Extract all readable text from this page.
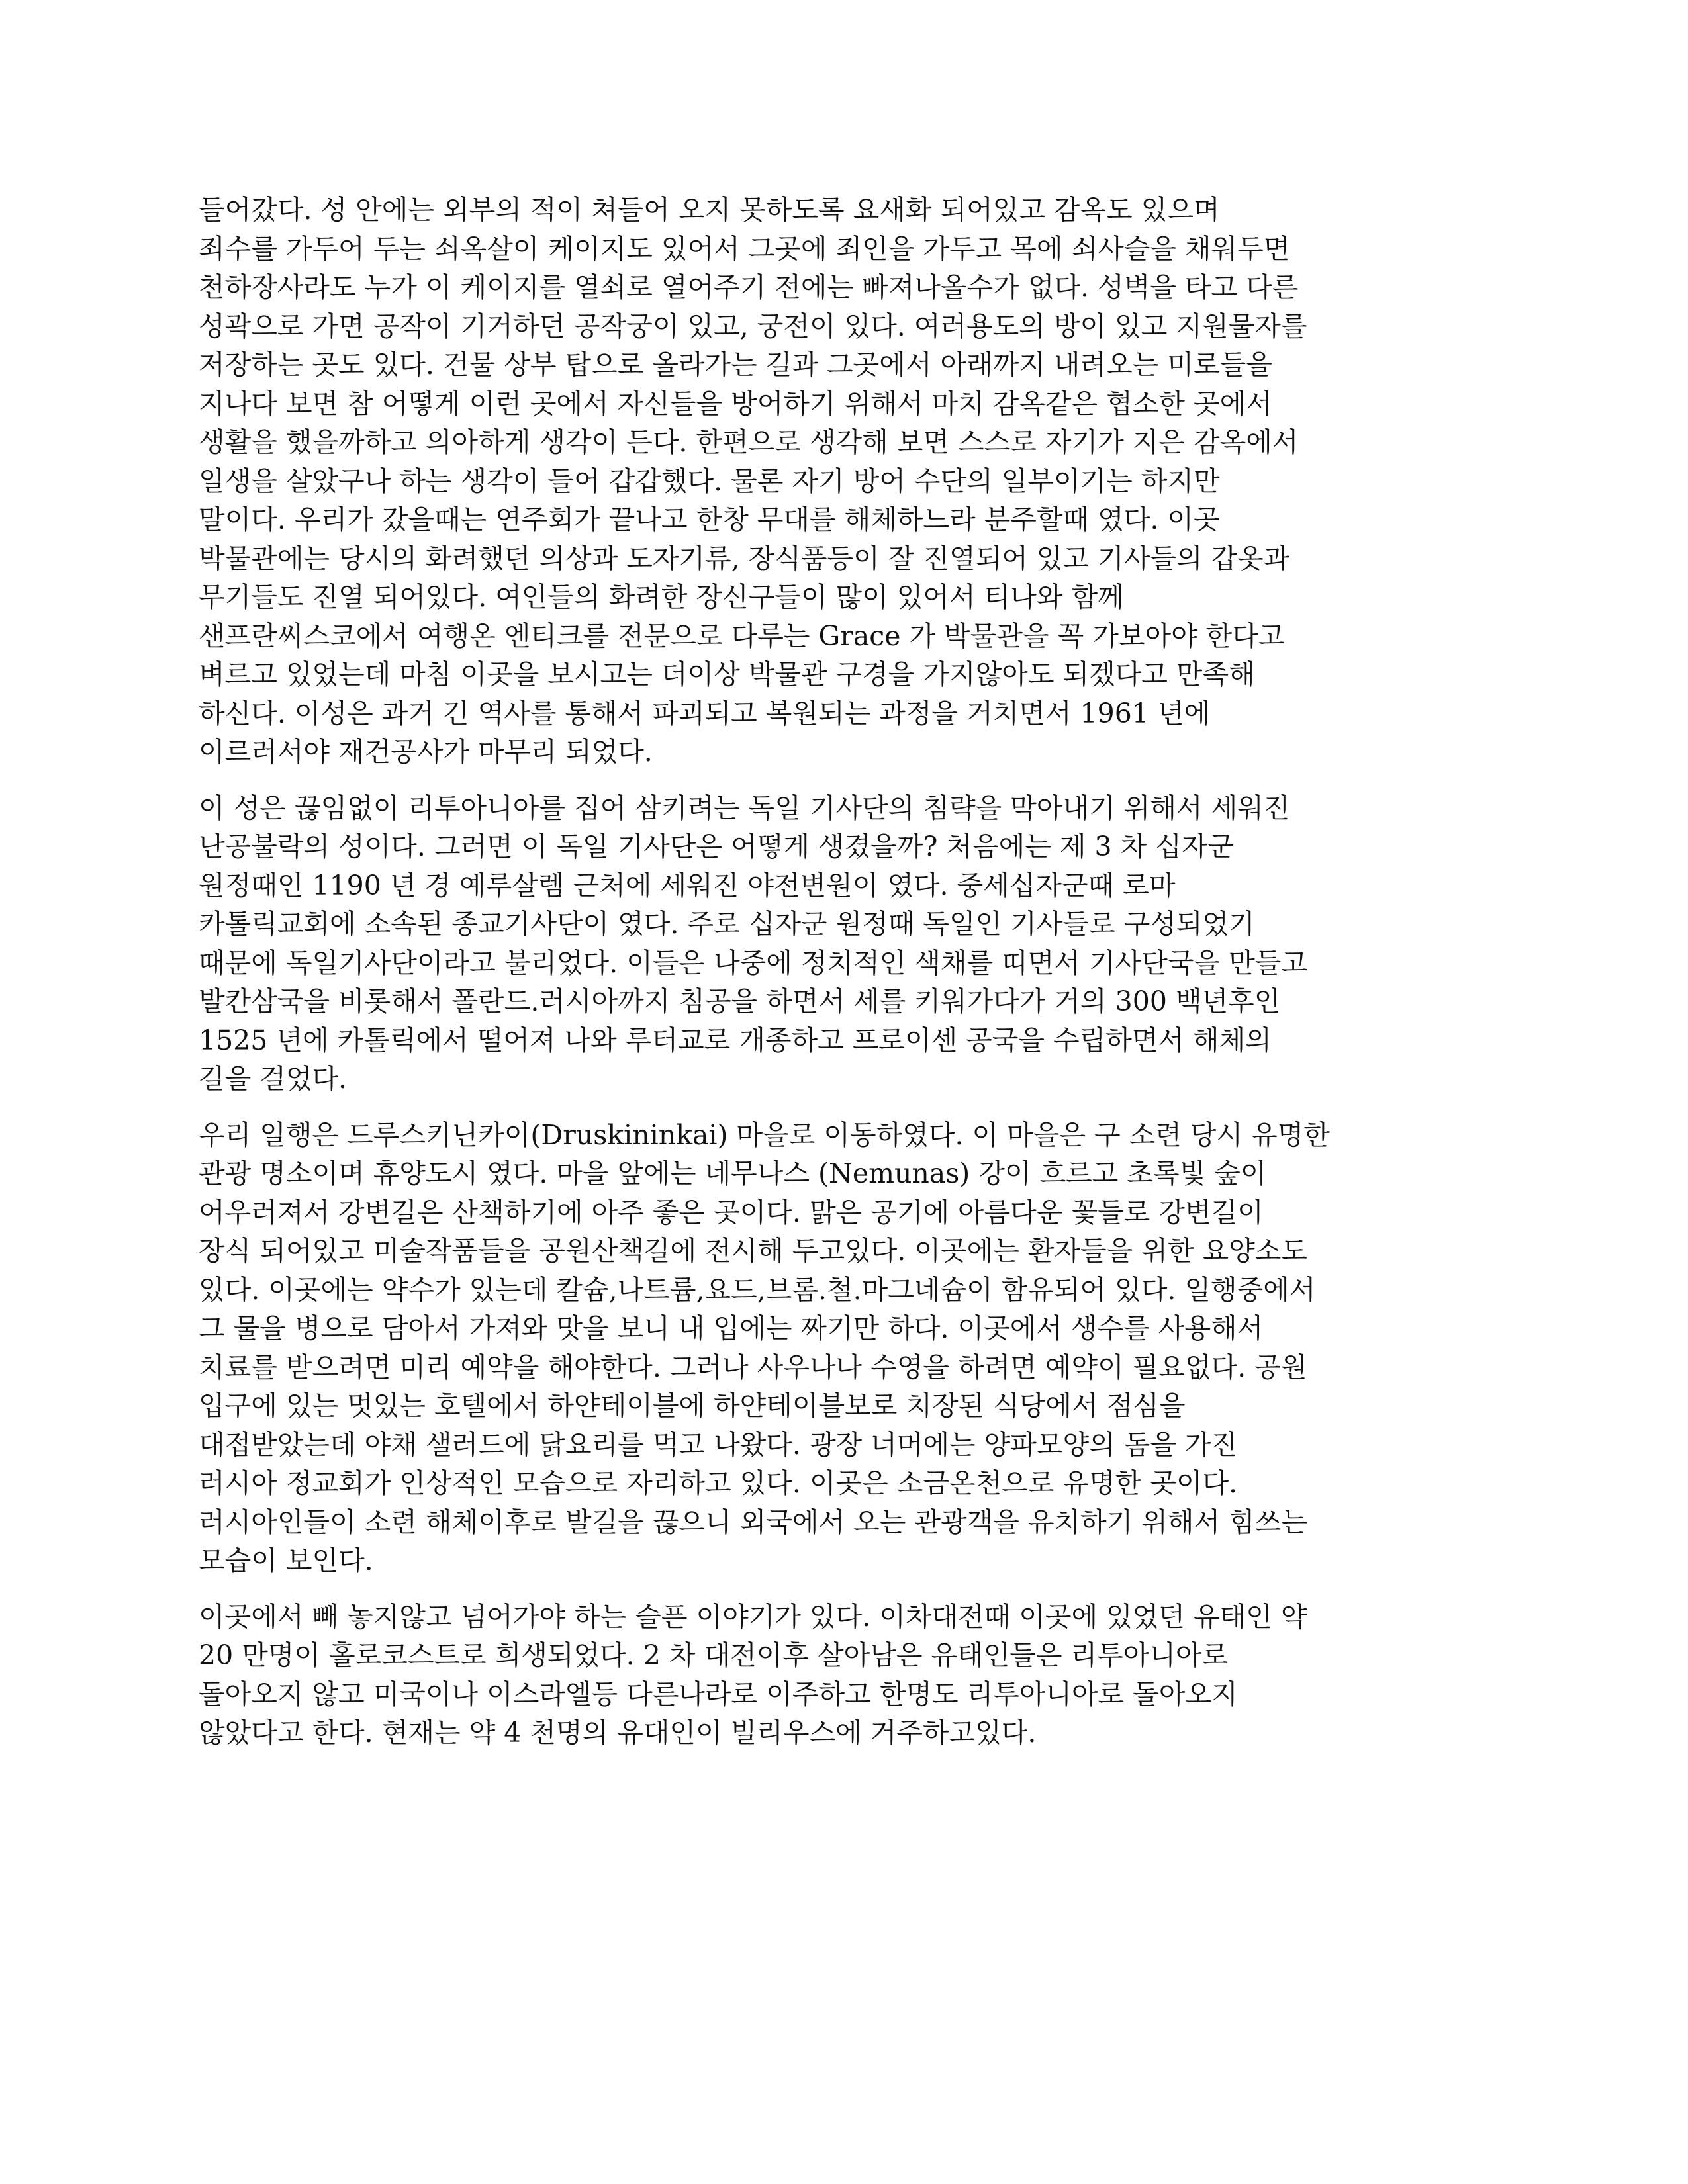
들어갔다. 성 안에는 외부의 적이 쳐들어 오지 못하도록 요새화 되어있고 감옥도 있으며
죄수를 가두어 두는 쇠옥살이 케이지도 있어서 그곳에 죄인을 가두고 목에 쇠사슬을 채워두면
천하장사라도 누가 이 케이지를 열쇠로 열어주기 전에는 빠져나올수가 없다. 성벽을 타고 다른
성곽으로 가면 공작이 기거하던 공작궁이 있고, 궁전이 있다. 여러용도의 방이 있고 지원물자를
저장하는 곳도 있다. 건물 상부 탑으로 올라가는 길과 그곳에서 아래까지 내려오는 미로들을
지나다 보면 참 어떻게 이런 곳에서 자신들을 방어하기 위해서 마치 감옥같은 협소한 곳에서
생활을 했을까하고 의아하게 생각이 든다. 한편으로 생각해 보면 스스로 자기가 지은 감옥에서
일생을 살았구나 하는 생각이 들어 갑갑했다. 물론 자기 방어 수단의 일부이기는 하지만
말이다. 우리가 갔을때는 연주회가 끝나고 한창 무대를 해체하느라 분주할때 였다. 이곳
박물관에는 당시의 화려했던 의상과 도자기류, 장식품등이 잘 진열되어 있고 기사들의 갑옷과
무기들도 진열 되어있다. 여인들의 화려한 장신구들이 많이 있어서 티나와 함께
샌프란씨스코에서 여행온 엔티크를 전문으로 다루는 Grace 가 박물관을 꼭 가보아야 한다고
벼르고 있었는데 마침 이곳을 보시고는 더이상 박물관 구경을 가지않아도 되겠다고 만족해
하신다. 이성은 과거 긴 역사를 통해서 파괴되고 복원되는 과정을 거치면서 1961 년에
이르러서야 재건공사가 마무리 되었다.
이 성은 끊임없이 리투아니아를 집어 삼키려는 독일 기사단의 침략을 막아내기 위해서 세워진
난공불락의 성이다. 그러면 이 독일 기사단은 어떻게 생겼을까? 처음에는 제 3 차 십자군
원정때인 1190 년 경 예루살렘 근처에 세워진 야전변원이 였다. 중세십자군때 로마
카톨릭교회에 소속된 종교기사단이 였다. 주로 십자군 원정때 독일인 기사들로 구성되었기
때문에 독일기사단이라고 불리었다. 이들은 나중에 정치적인 색채를 띠면서 기사단국을 만들고
발칸삼국을 비롯해서 폴란드.러시아까지 침공을 하면서 세를 키워가다가 거의 300 백년후인
1525 년에 카톨릭에서 떨어져 나와 루터교로 개종하고 프로이센 공국을 수립하면서 해체의
길을 걸었다.
우리 일행은 드루스키닌카이(Druskininkai) 마을로 이동하였다. 이 마을은 구 소련 당시 유명한
관광 명소이며 휴양도시 였다. 마을 앞에는 네무나스 (Nemunas) 강이 흐르고 초록빛 숲이
어우러져서 강변길은 산책하기에 아주 좋은 곳이다. 맑은 공기에 아름다운 꽃들로 강변길이
장식 되어있고 미술작품들을 공원산책길에 전시해 두고있다. 이곳에는 환자들을 위한 요양소도
있다. 이곳에는 약수가 있는데 칼슘,나트륨,요드,브롬.철.마그네슘이 함유되어 있다. 일행중에서
그 물을 병으로 담아서 가져와 맛을 보니 내 입에는 짜기만 하다. 이곳에서 생수를 사용해서
치료를 받으려면 미리 예약을 해야한다. 그러나 사우나나 수영을 하려면 예약이 필요없다. 공원
입구에 있는 멋있는 호텔에서 하얀테이블에 하얀테이블보로 치장된 식당에서 점심을
대접받았는데 야채 샐러드에 닭요리를 먹고 나왔다. 광장 너머에는 양파모양의 돔을 가진
러시아 정교회가 인상적인 모습으로 자리하고 있다. 이곳은 소금온천으로 유명한 곳이다.
러시아인들이 소련 해체이후로 발길을 끊으니 외국에서 오는 관광객을 유치하기 위해서 힘쓰는
모습이 보인다.
이곳에서 빼 놓지않고 넘어가야 하는 슬픈 이야기가 있다. 이차대전때 이곳에 있었던 유태인 약
20 만명이 홀로코스트로 희생되었다. 2 차 대전이후 살아남은 유태인들은 리투아니아로
돌아오지 않고 미국이나 이스라엘등 다른나라로 이주하고 한명도 리투아니아로 돌아오지
않았다고 한다. 현재는 약 4 천명의 유대인이 빌리우스에 거주하고있다.
